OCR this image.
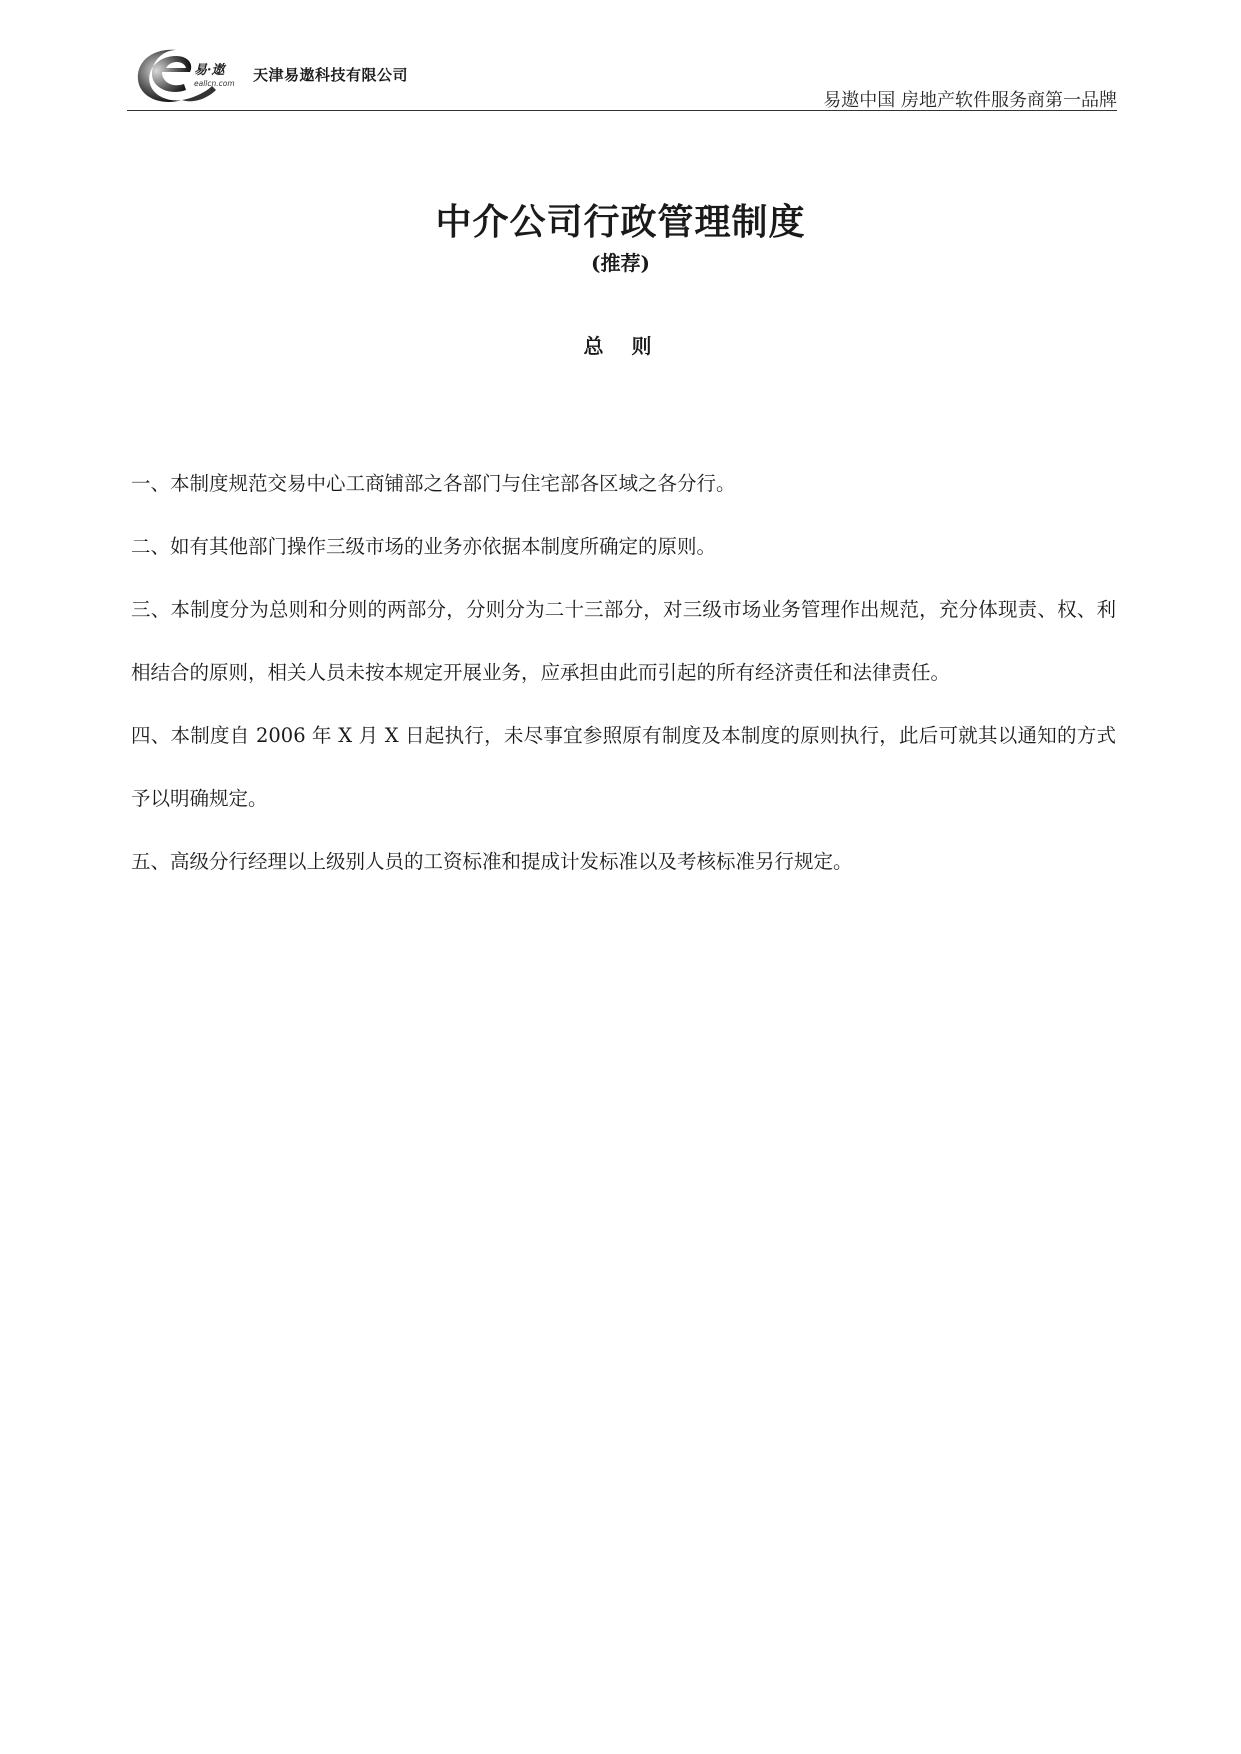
易·遨
eallcn.com 天津易遨科技有限公司
易遨中国 房地产软件服务商第一品牌
中介公司行政管理制度
(推荐)
总 则

一、本制度规范交易中心工商铺部之各部门与住宅部各区域之各分行。

二、如有其他部门操作三级市场的业务亦依据本制度所确定的原则。

三、本制度分为总则和分则的两部分，分则分为二十三部分，对三级市场业务管理作出规范，充分体现责、权、利相结合的原则，相关人员未按本规定开展业务，应承担由此而引起的所有经济责任和法律责任。

四、本制度自 2006 年 X 月 X 日起执行，未尽事宜参照原有制度及本制度的原则执行，此后可就其以通知的方式予以明确规定。

五、高级分行经理以上级别人员的工资标准和提成计发标准以及考核标准另行规定。
